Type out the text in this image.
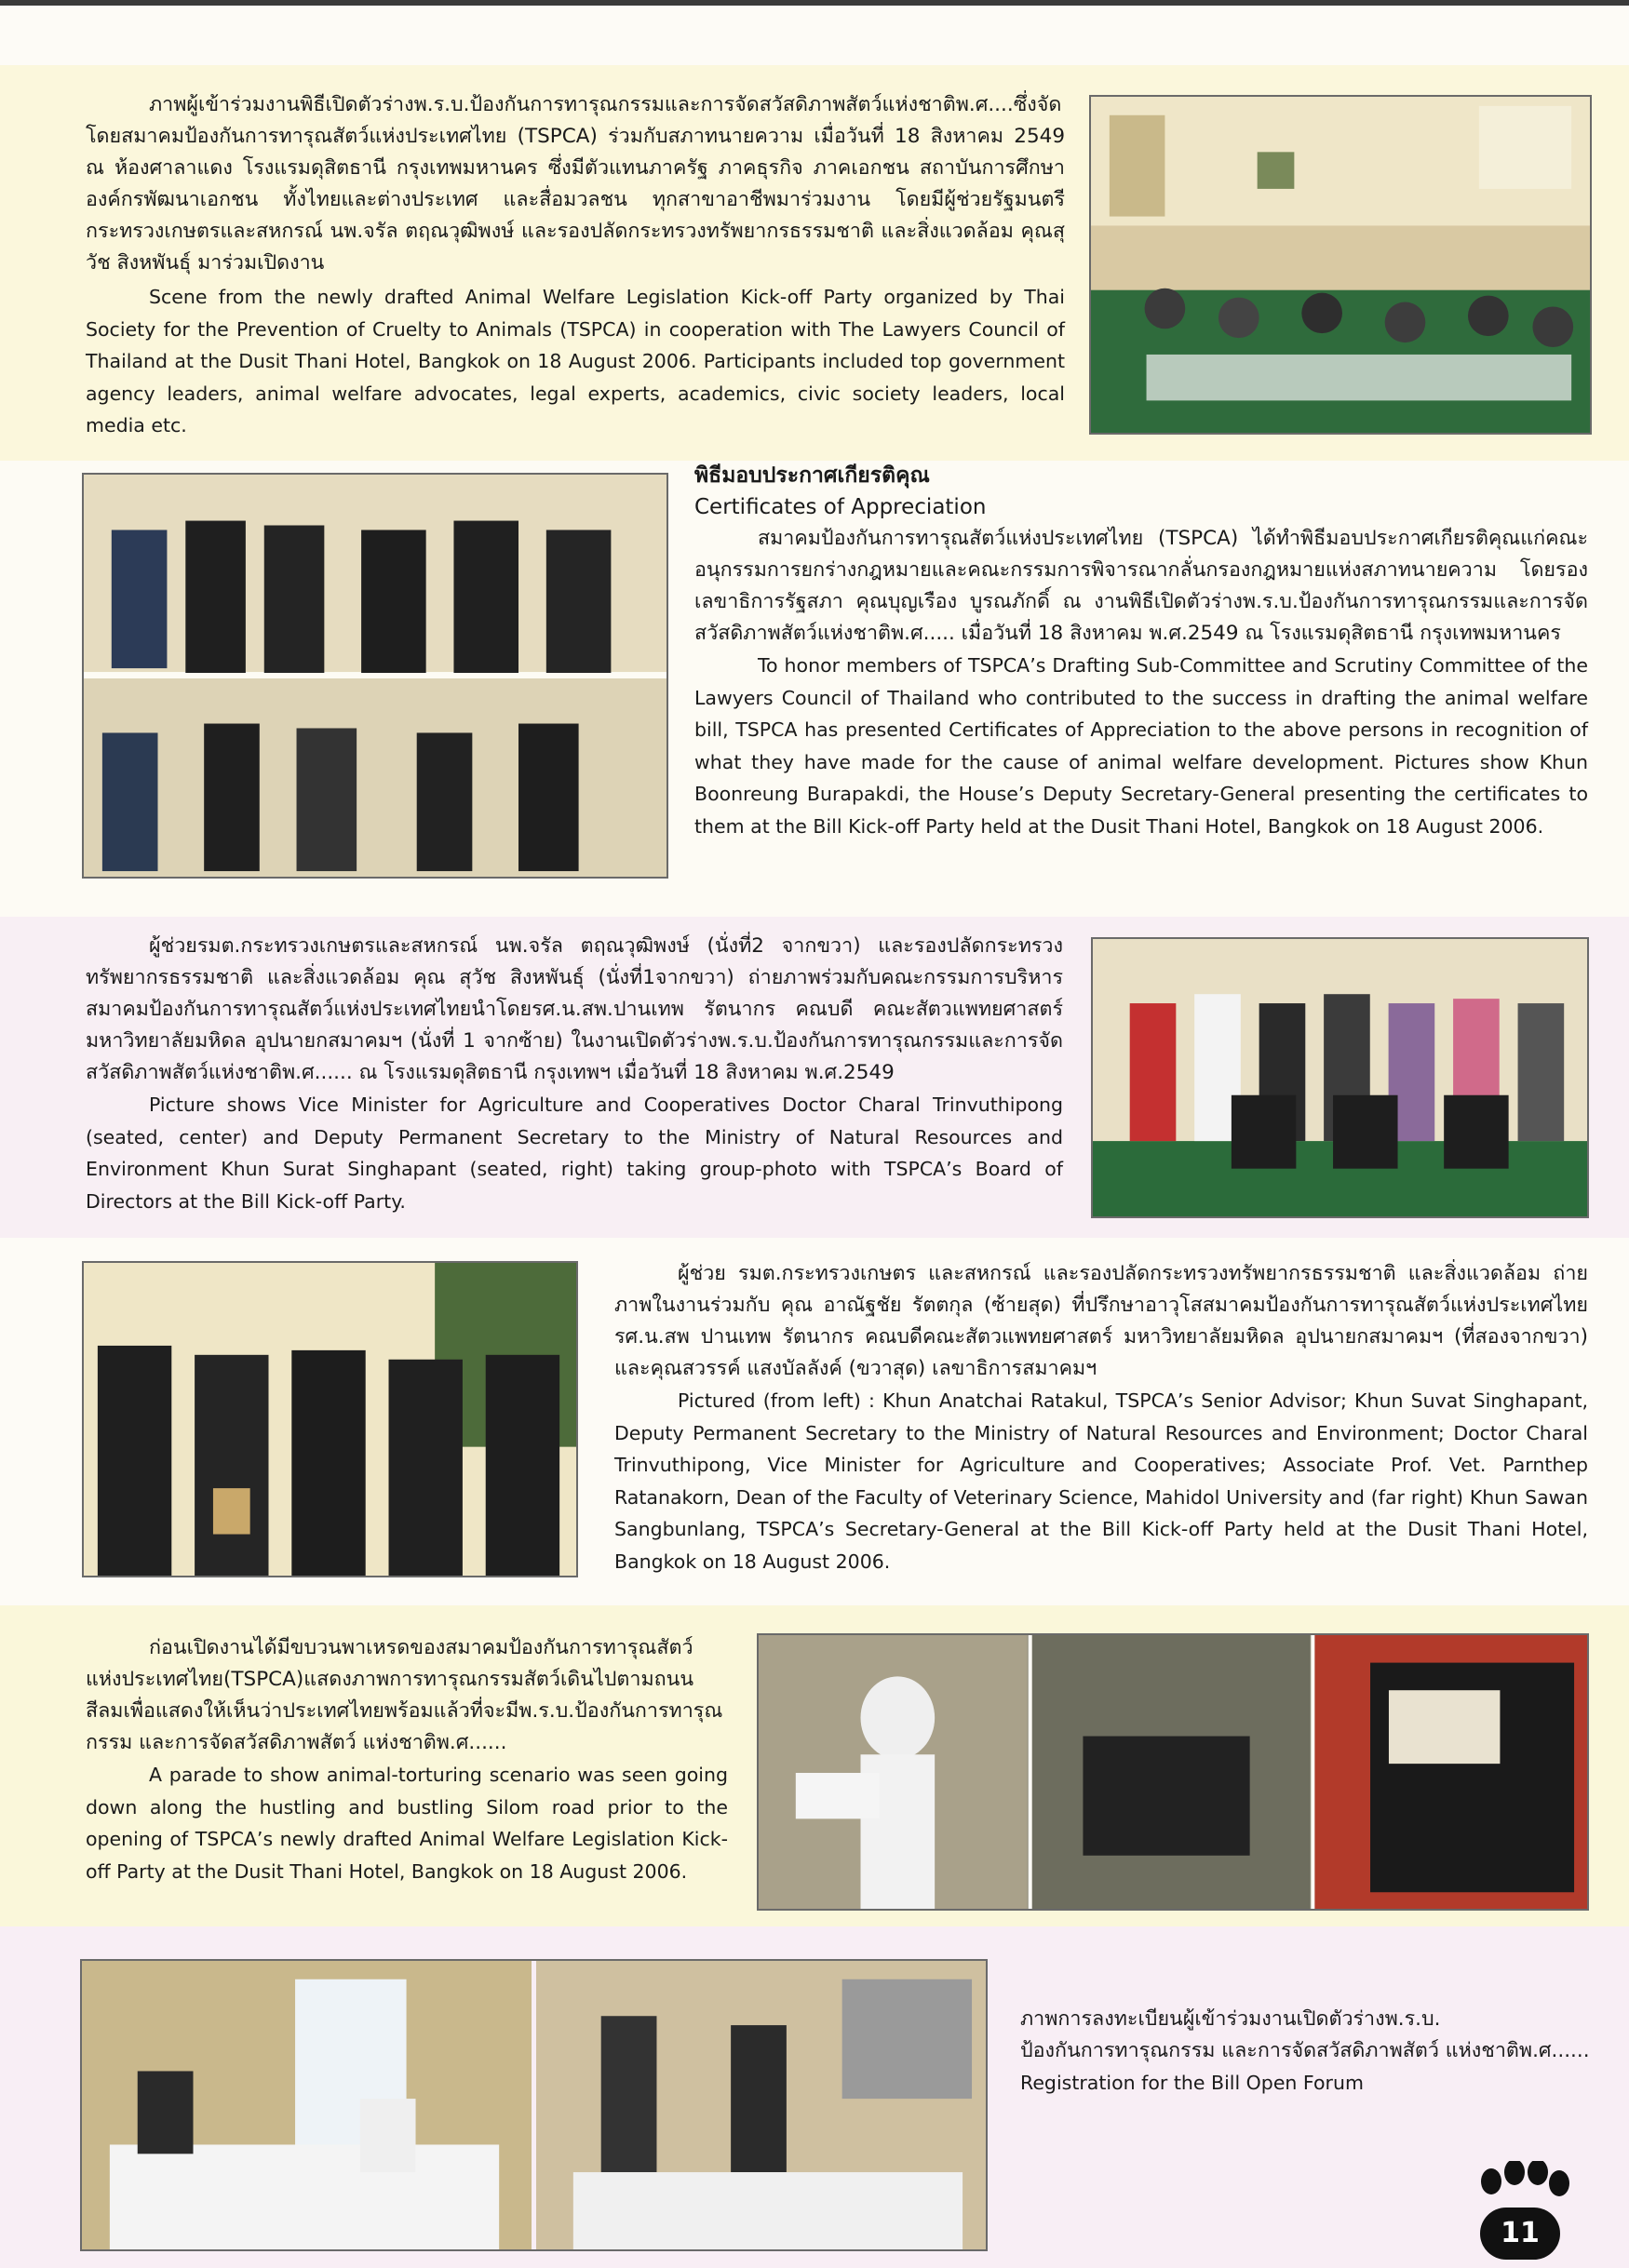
ภาพผู้เข้าร่วมงานพิธีเปิดตัวร่างพ.ร.บ.ป้องกันการทารุณกรรมและการจัดสวัสดิภาพสัตว์แห่งชาติพ.ศ....ซึ่งจัดโดยสมาคมป้องกันการทารุณสัตว์แห่งประเทศไทย (TSPCA) ร่วมกับสภาทนายความ เมื่อวันที่ 18 สิงหาคม 2549 ณ ห้องศาลาแดง โรงแรมดุสิตธานี กรุงเทพมหานคร ซึ่งมีตัวแทนภาครัฐ ภาคธุรกิจ ภาคเอกชน สถาบันการศึกษา องค์กรพัฒนาเอกชน ทั้งไทยและต่างประเทศ และสื่อมวลชน ทุกสาขาอาชีพมาร่วมงาน โดยมีผู้ช่วยรัฐมนตรีกระทรวงเกษตรและสหกรณ์ นพ.จรัล ตฤณวุฒิพงษ์ และรองปลัดกระทรวงทรัพยากรธรรมชาติ และสิ่งแวดล้อม คุณสุวัช สิงหพันธุ์ มาร่วมเปิดงาน

Scene from the newly drafted Animal Welfare Legislation Kick-off Party organized by Thai Society for the Prevention of Cruelty to Animals (TSPCA) in cooperation with The Lawyers Council of Thailand at the Dusit Thani Hotel, Bangkok on 18 August 2006. Participants included top government agency leaders, animal welfare advocates, legal experts, academics, civic society leaders, local media etc.

พิธีมอบประกาศเกียรติคุณ

Certificates of Appreciation

สมาคมป้องกันการทารุณสัตว์แห่งประเทศไทย (TSPCA) ได้ทำพิธีมอบประกาศเกียรติคุณแก่คณะอนุกรรมการยกร่างกฎหมายและคณะกรรมการพิจารณากลั่นกรองกฎหมายแห่งสภาทนายความ โดยรองเลขาธิการรัฐสภา คุณบุญเรือง บูรณภักดิ์ ณ งานพิธีเปิดตัวร่างพ.ร.บ.ป้องกันการทารุณกรรมและการจัดสวัสดิภาพสัตว์แห่งชาติพ.ศ..... เมื่อวันที่ 18 สิงหาคม พ.ศ.2549 ณ โรงแรมดุสิตธานี กรุงเทพมหานคร

To honor members of TSPCA’s Drafting Sub-Committee and Scrutiny Committee of the Lawyers Council of Thailand who contributed to the success in drafting the animal welfare bill, TSPCA has presented Certificates of Appreciation to the above persons in recognition of what they have made for the cause of animal welfare development. Pictures show Khun Boonreung Burapakdi, the House’s Deputy Secretary-General presenting the certificates to them at the Bill Kick-off Party held at the Dusit Thani Hotel, Bangkok on 18 August 2006.

ผู้ช่วยรมต.กระทรวงเกษตรและสหกรณ์ นพ.จรัล ตฤณวุฒิพงษ์ (นั่งที่2 จากขวา) และรองปลัดกระทรวงทรัพยากรธรรมชาติ และสิ่งแวดล้อม คุณ สุวัช สิงหพันธุ์ (นั่งที่1จากขวา) ถ่ายภาพร่วมกับคณะกรรมการบริหารสมาคมป้องกันการทารุณสัตว์แห่งประเทศไทยนำโดยรศ.น.สพ.ปานเทพ รัตนากร คณบดี คณะสัตวแพทยศาสตร์ มหาวิทยาลัยมหิดล อุปนายกสมาคมฯ (นั่งที่ 1 จากซ้าย) ในงานเปิดตัวร่างพ.ร.บ.ป้องกันการทารุณกรรมและการจัดสวัสดิภาพสัตว์แห่งชาติพ.ศ...... ณ โรงแรมดุสิตธานี กรุงเทพฯ เมื่อวันที่ 18 สิงหาคม พ.ศ.2549

Picture shows Vice Minister for Agriculture and Cooperatives Doctor Charal Trinvuthipong (seated, center) and Deputy Permanent Secretary to the Ministry of Natural Resources and Environment Khun Surat Singhapant (seated, right) taking group-photo with TSPCA’s Board of Directors at the Bill Kick-off Party.

ผู้ช่วย รมต.กระทรวงเกษตร และสหกรณ์ และรองปลัดกระทรวงทรัพยากรธรรมชาติ และสิ่งแวดล้อม ถ่ายภาพในงานร่วมกับ คุณ อาณัฐชัย รัตตกุล (ซ้ายสุด) ที่ปรึกษาอาวุโสสมาคมป้องกันการทารุณสัตว์แห่งประเทศไทย รศ.น.สพ ปานเทพ รัตนากร คณบดีคณะสัตวแพทยศาสตร์ มหาวิทยาลัยมหิดล อุปนายกสมาคมฯ (ที่สองจากขวา) และคุณสวรรค์ แสงบัลลังค์ (ขวาสุด) เลขาธิการสมาคมฯ

Pictured (from left) : Khun Anatchai Ratakul, TSPCA’s Senior Advisor; Khun Suvat Singhapant, Deputy Permanent Secretary to the Ministry of Natural Resources and Environment; Doctor Charal Trinvuthipong, Vice Minister for Agriculture and Cooperatives; Associate Prof. Vet. Parnthep Ratanakorn, Dean of the Faculty of Veterinary Science, Mahidol University and (far right) Khun Sawan Sangbunlang, TSPCA’s Secretary-General at the Bill Kick-off Party held at the Dusit Thani Hotel, Bangkok on 18 August 2006.

ก่อนเปิดงานได้มีขบวนพาเหรดของสมาคมป้องกันการทารุณสัตว์แห่งประเทศไทย(TSPCA)แสดงภาพการทารุณกรรมสัตว์เดินไปตามถนนสีลมเพื่อแสดงให้เห็นว่าประเทศไทยพร้อมแล้วที่จะมีพ.ร.บ.ป้องกันการทารุณกรรม และการจัดสวัสดิภาพสัตว์ แห่งชาติพ.ศ......

A parade to show animal-torturing scenario was seen going down along the hustling and bustling Silom road prior to the opening of TSPCA’s newly drafted Animal Welfare Legislation Kick-off Party at the Dusit Thani Hotel, Bangkok on 18 August 2006.

ภาพการลงทะเบียนผู้เข้าร่วมงานเปิดตัวร่างพ.ร.บ.

ป้องกันการทารุณกรรม และการจัดสวัสดิภาพสัตว์ แห่งชาติพ.ศ......

Registration for the Bill Open Forum

11
